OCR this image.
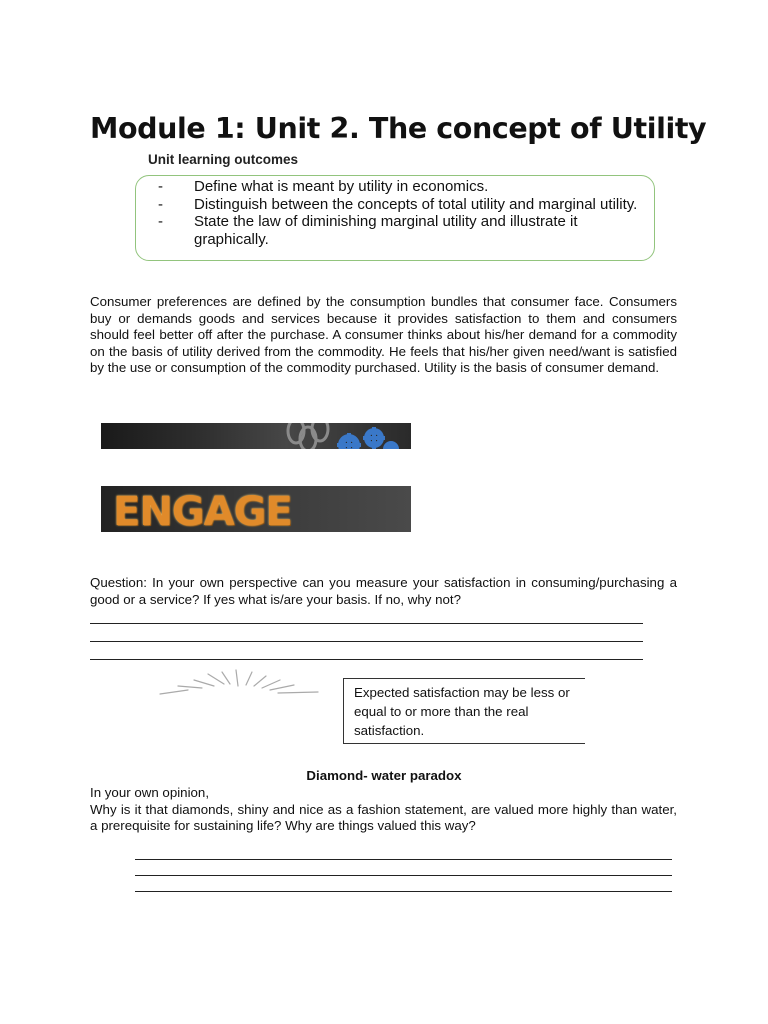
Module 1: Unit 2. The concept of Utility
Unit learning outcomes
-	Define what is meant by utility in economics.
-	Distinguish between the concepts of total utility and marginal utility.
-	State the law of diminishing marginal utility and illustrate it graphically.

Consumer preferences are defined by the consumption bundles that consumer face. Consumers buy or demands goods and services because it provides satisfaction to them and consumers should feel better off after the purchase. A consumer thinks about his/her demand for a commodity on the basis of utility derived from the commodity. He feels that his/her given need/want is satisfied by the use or consumption of the commodity purchased. Utility is the basis of consumer demand.

ENGAGE

Question: In your own perspective can you measure your satisfaction in consuming/purchasing a good or a service? If yes what is/are your basis. If no, why not?

Expected satisfaction may be less or equal to or more than the real satisfaction.
Diamond- water paradox

In your own opinion,
Why is it that diamonds, shiny and nice as a fashion statement, are valued more highly than water, a prerequisite for sustaining life? Why are things valued this way?
